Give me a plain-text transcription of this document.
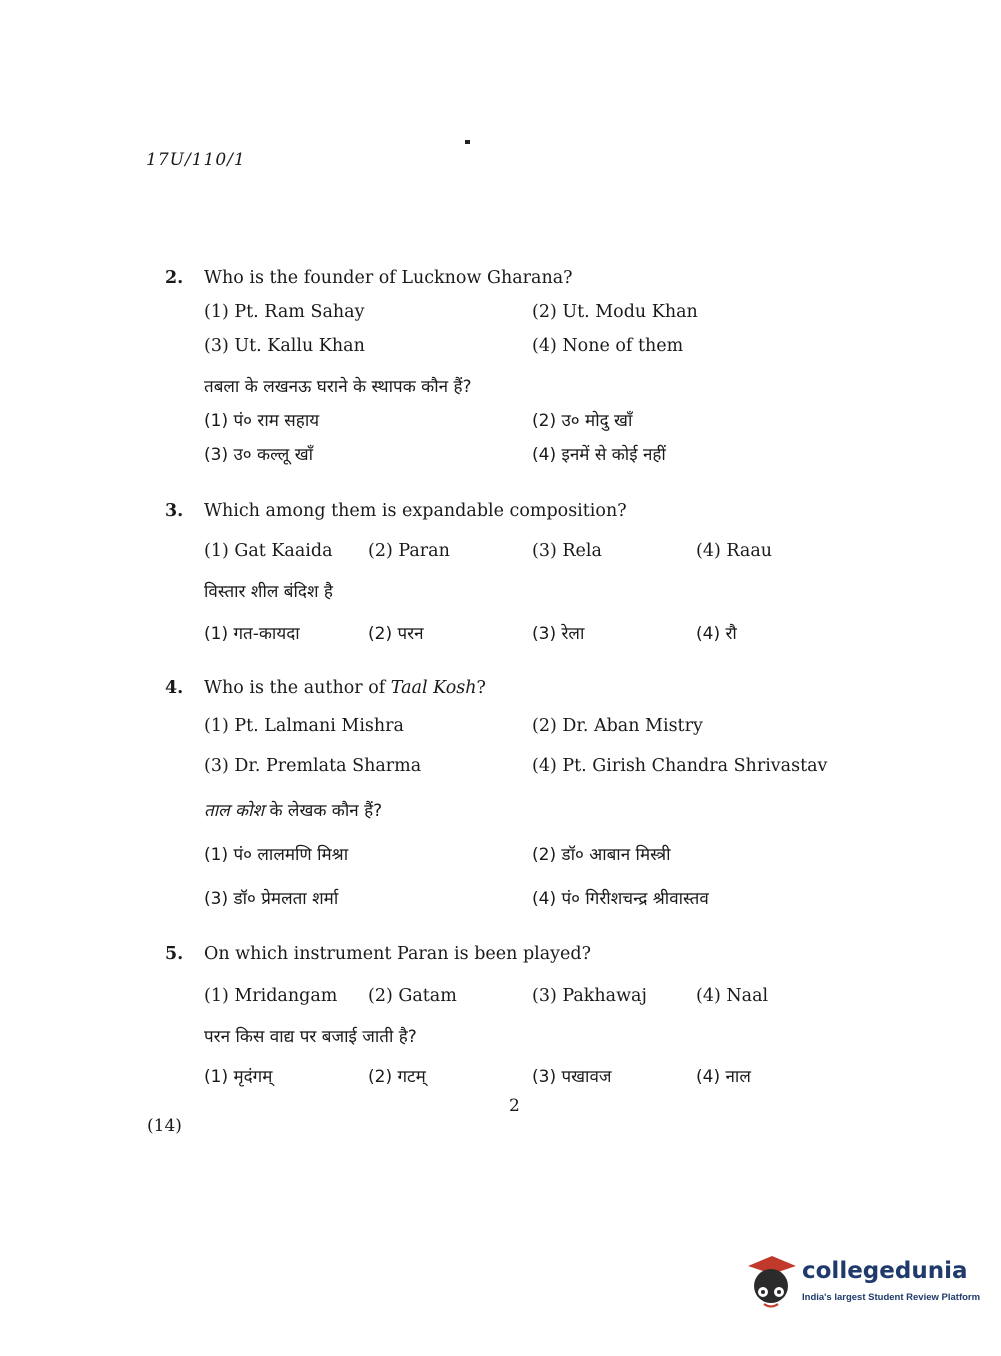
17U/110/1
2. Who is the founder of Lucknow Gharana?
(1) Pt. Ram Sahay	(2) Ut. Modu Khan
(3) Ut. Kallu Khan	(4) None of them
तबला के लखनऊ घराने के स्थापक कौन हैं?
(1) पं० राम सहाय	(2) उ० मोदु खाँ
(3) उ० कल्लू खाँ	(4) इनमें से कोई नहीं
3. Which among them is expandable composition?
(1) Gat Kaaida (2) Paran	(3) Rela	(4) Raau
विस्तार शील बंदिश है
(1) गत-कायदा	(2) परन	(3) रेला	(4) रौ
4. Who is the author of Taal Kosh?
(1) Pt. Lalmani Mishra	(2) Dr. Aban Mistry
(3) Dr. Premlata Sharma	(4) Pt. Girish Chandra Shrivastav
ताल कोश के लेखक कौन हैं?
(1) पं० लालमणि मिश्रा	(2) डॉ० आबान मिस्त्री
(3) डॉ० प्रेमलता शर्मा	(4) पं० गिरीशचन्द्र श्रीवास्तव
5. On which instrument Paran is been played?
(1) Mridangam (2) Gatam	(3) Pakhawaj	(4) Naal
परन किस वाद्य पर बजाई जाती है?
(1) मृदंगम्	(2) गटम्	(3) पखावज	(4) नाल
2
(14)
collegedunia
India's largest Student Review Platform
